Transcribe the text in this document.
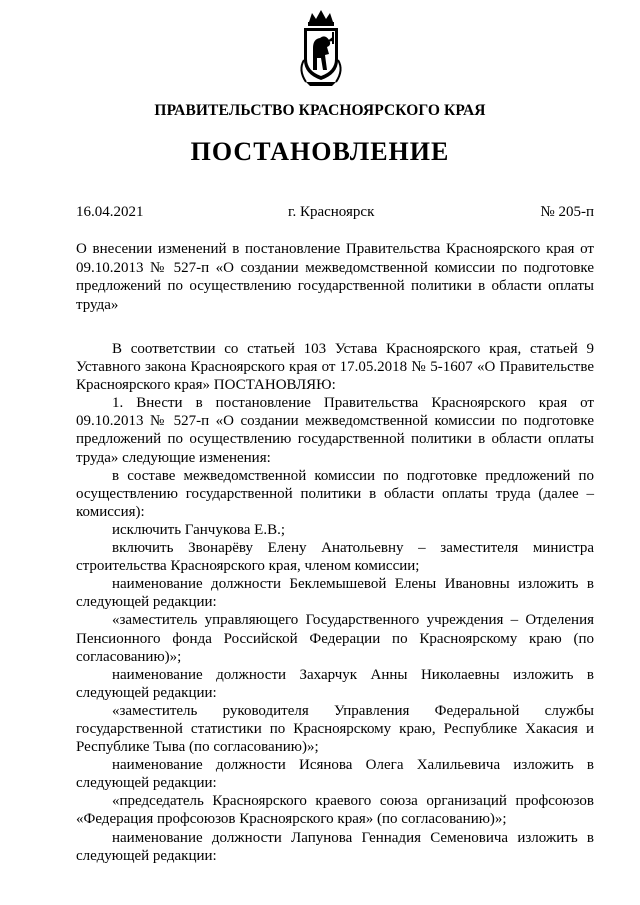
ПРАВИТЕЛЬСТВО КРАСНОЯРСКОГО КРАЯ
ПОСТАНОВЛЕНИЕ
16.04.2021	г. Красноярск	№ 205-п
О внесении изменений в постановление Правительства Красноярского края от 09.10.2013 № 527-п «О создании межведомственной комиссии по подготовке предложений по осуществлению государственной политики в области оплаты труда»

В соответствии со статьей 103 Устава Красноярского края, статьей 9 Уставного закона Красноярского края от 17.05.2018 № 5-1607 «О Правительстве Красноярского края» ПОСТАНОВЛЯЮ:

1. Внести в постановление Правительства Красноярского края от 09.10.2013 № 527-п «О создании межведомственной комиссии по подготовке предложений по осуществлению государственной политики в области оплаты труда» следующие изменения:

в составе межведомственной комиссии по подготовке предложений по осуществлению государственной политики в области оплаты труда (далее – комиссия):

исключить Ганчукова Е.В.;

включить Звонарёву Елену Анатольевну – заместителя министра строительства Красноярского края, членом комиссии;

наименование должности Беклемышевой Елены Ивановны изложить в следующей редакции:

«заместитель управляющего Государственного учреждения – Отделения Пенсионного фонда Российской Федерации по Красноярскому краю (по согласованию)»;

наименование должности Захарчук Анны Николаевны изложить в следующей редакции:

«заместитель руководителя Управления Федеральной службы государственной статистики по Красноярскому краю, Республике Хакасия и Республике Тыва (по согласованию)»;

наименование должности Исянова Олега Халильевича изложить в следующей редакции:

«председатель Красноярского краевого союза организаций профсоюзов «Федерация профсоюзов Красноярского края» (по согласованию)»;

наименование должности Лапунова Геннадия Семеновича изложить в следующей редакции:
